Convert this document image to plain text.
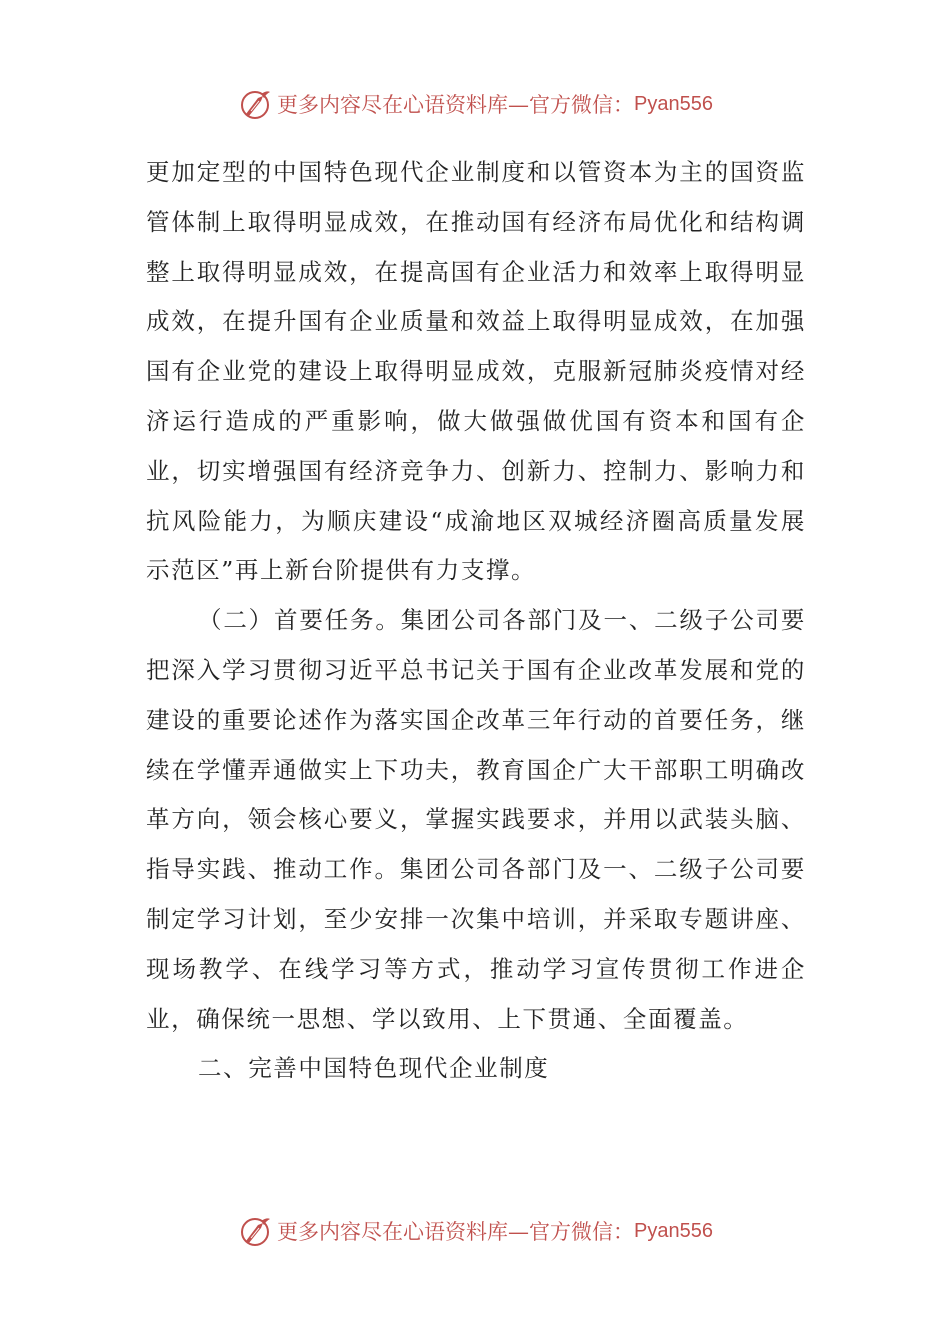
更多内容尽在心语资料库— 官方微信： Pyan556

更加定型的中国特色现代企业制度和以管资本为主的国资监管体制上取得明显成效，在推动国有经济布局优化和结构调整上取得明显成效，在提高国有企业活力和效率上取得明显成效，在提升国有企业质量和效益上取得明显成效，在加强国有企业党的建设上取得明显成效，克服新冠肺炎疫情对经济运行造成的严重影响，做大做强做优国有资本和国有企业，切实增强国有经济竞争力、创新力、控制力、影响力和抗风险能力，为顺庆建设“成渝地区双城经济圈高质量发展示范区”再上新台阶提供有力支撑。

（二）首要任务。集团公司各部门及一、二级子公司要把深入学习贯彻习近平总书记关于国有企业改革发展和党的建设的重要论述作为落实国企改革三年行动的首要任务，继续在学懂弄通做实上下功夫，教育国企广大干部职工明确改革方向，领会核心要义，掌握实践要求，并用以武装头脑、指导实践、推动工作。集团公司各部门及一、二级子公司要制定学习计划，至少安排一次集中培训，并采取专题讲座、现场教学、在线学习等方式，推动学习宣传贯彻工作进企业，确保统一思想、学以致用、上下贯通、全面覆盖。

二、完善中国特色现代企业制度

更多内容尽在心语资料库— 官方微信： Pyan556
